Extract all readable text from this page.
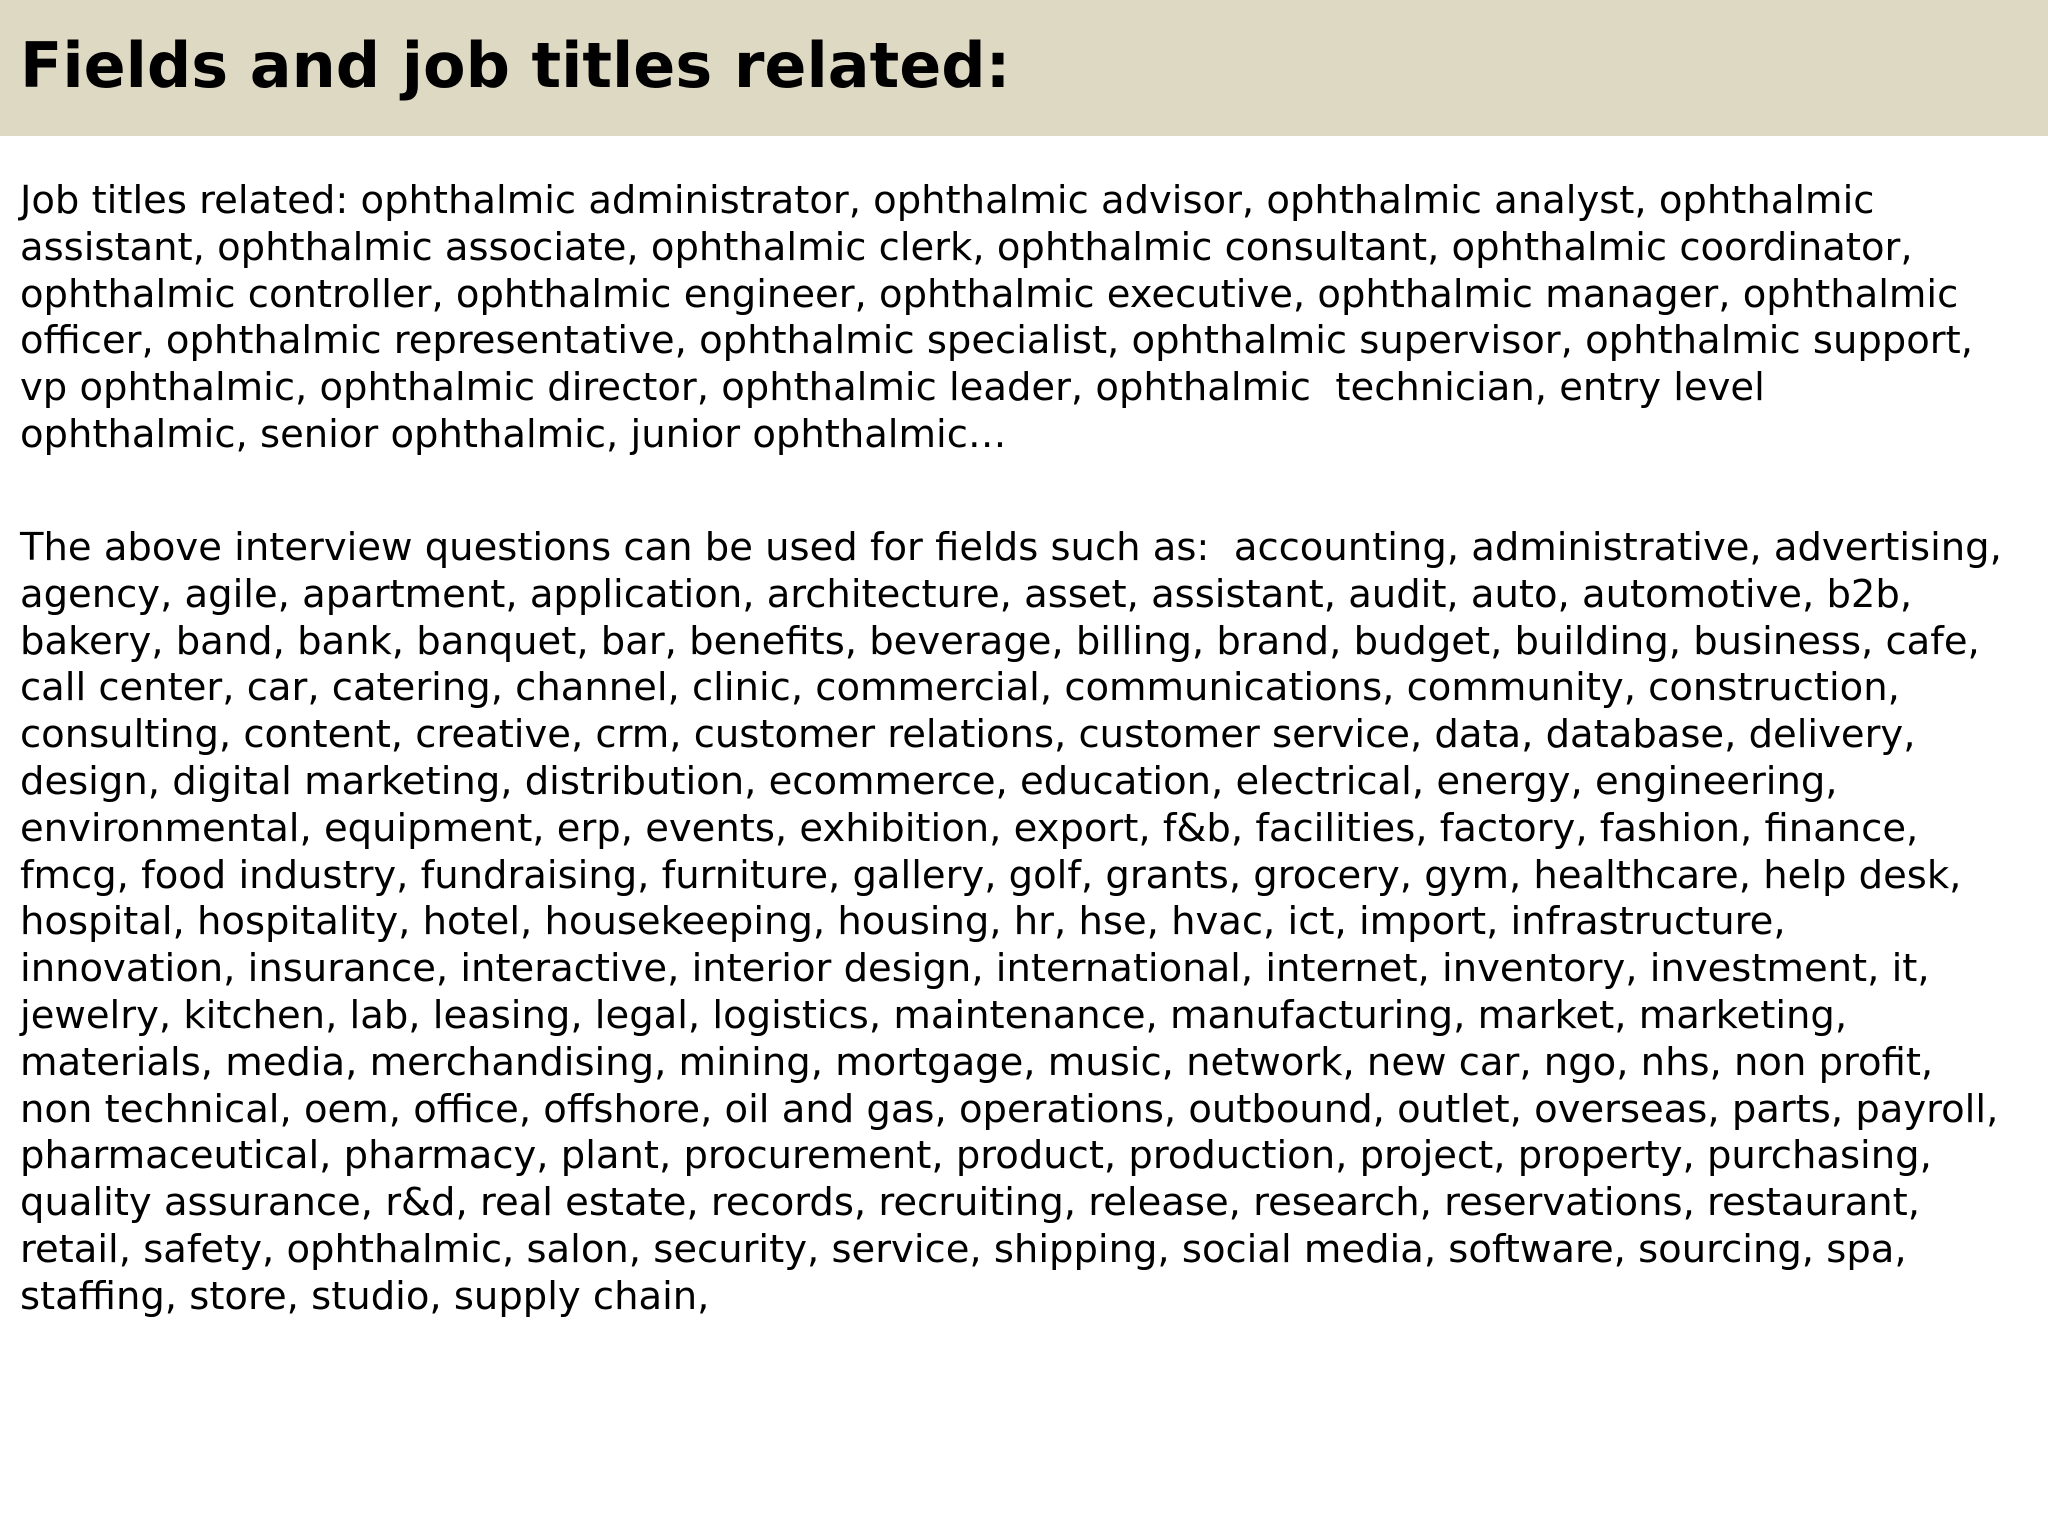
Fields and job titles related:

Job titles related: ophthalmic administrator, ophthalmic advisor, ophthalmic analyst, ophthalmic
assistant, ophthalmic associate, ophthalmic clerk, ophthalmic consultant, ophthalmic coordinator,
ophthalmic controller, ophthalmic engineer, ophthalmic executive, ophthalmic manager, ophthalmic
officer, ophthalmic representative, ophthalmic specialist, ophthalmic supervisor, ophthalmic support,
vp ophthalmic, ophthalmic director, ophthalmic leader, ophthalmic  technician, entry level
ophthalmic, senior ophthalmic, junior ophthalmic…

The above interview questions can be used for fields such as:  accounting, administrative, advertising,
agency, agile, apartment, application, architecture, asset, assistant, audit, auto, automotive, b2b,
bakery, band, bank, banquet, bar, benefits, beverage, billing, brand, budget, building, business, cafe,
call center, car, catering, channel, clinic, commercial, communications, community, construction,
consulting, content, creative, crm, customer relations, customer service, data, database, delivery,
design, digital marketing, distribution, ecommerce, education, electrical, energy, engineering,
environmental, equipment, erp, events, exhibition, export, f&b, facilities, factory, fashion, finance,
fmcg, food industry, fundraising, furniture, gallery, golf, grants, grocery, gym, healthcare, help desk,
hospital, hospitality, hotel, housekeeping, housing, hr, hse, hvac, ict, import, infrastructure,
innovation, insurance, interactive, interior design, international, internet, inventory, investment, it,
jewelry, kitchen, lab, leasing, legal, logistics, maintenance, manufacturing, market, marketing,
materials, media, merchandising, mining, mortgage, music, network, new car, ngo, nhs, non profit,
non technical, oem, office, offshore, oil and gas, operations, outbound, outlet, overseas, parts, payroll,
pharmaceutical, pharmacy, plant, procurement, product, production, project, property, purchasing,
quality assurance, r&d, real estate, records, recruiting, release, research, reservations, restaurant,
retail, safety, ophthalmic, salon, security, service, shipping, social media, software, sourcing, spa,
staffing, store, studio, supply chain,
